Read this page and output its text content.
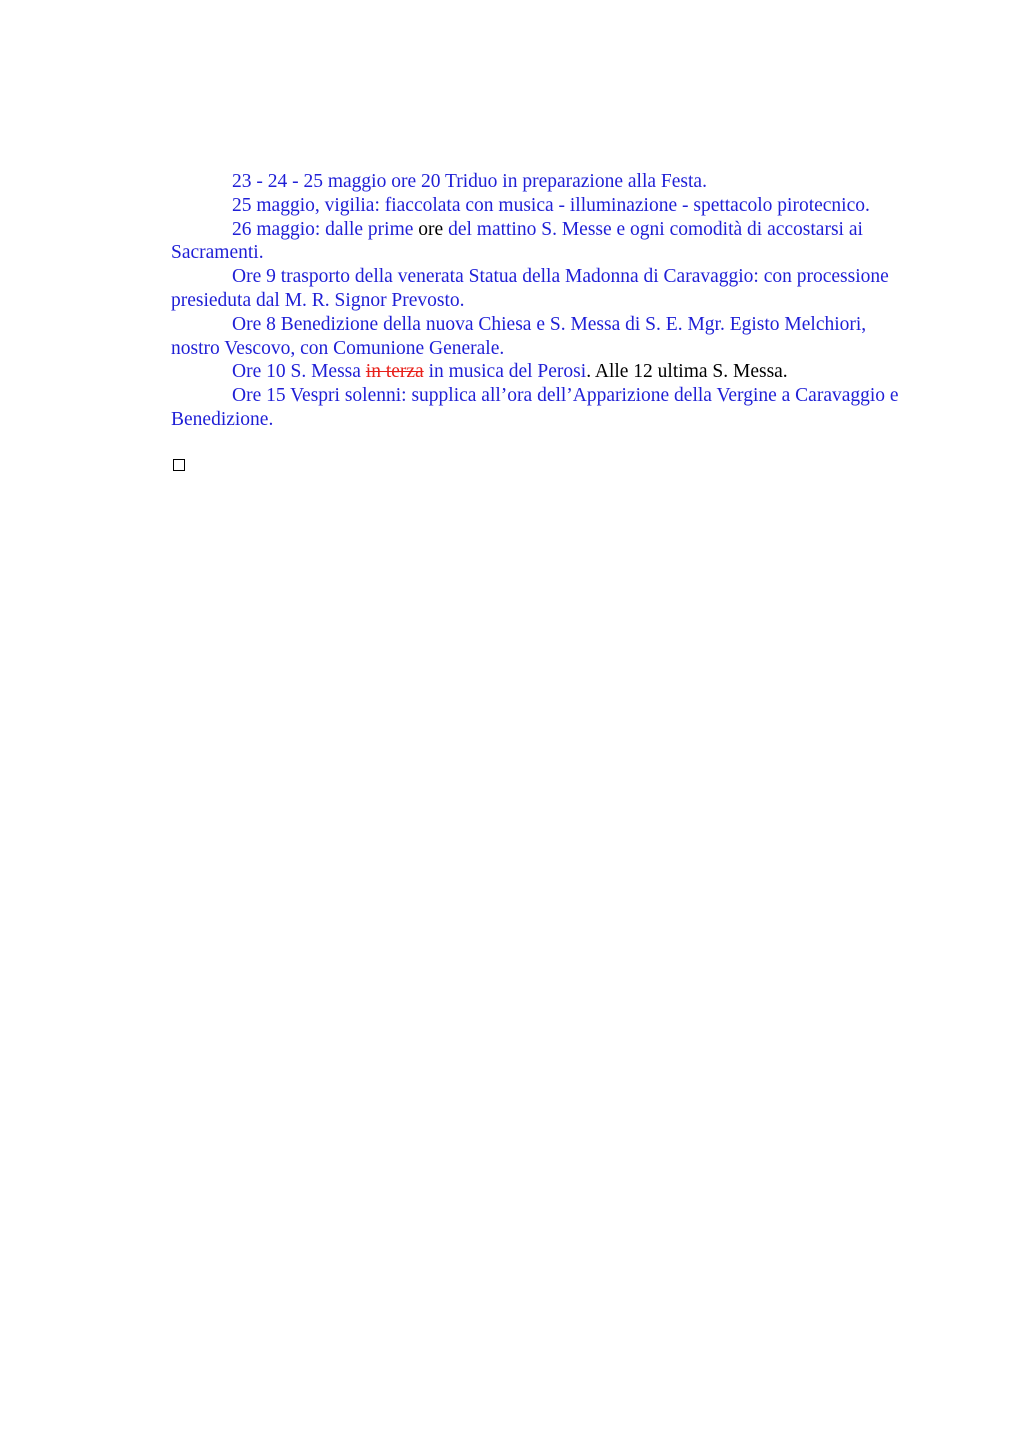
23 - 24 - 25 maggio ore 20 Triduo in preparazione alla Festa.

25 maggio, vigilia: fiaccolata con musica - illuminazione - spettacolo pirotecnico.

26 maggio: dalle prime ore del mattino S. Messe e ogni comodità di accostarsi ai Sacramenti.

Ore 9 trasporto della venerata Statua della Madonna di Caravaggio: con processione presieduta dal M. R. Signor Prevosto.

Ore 8 Benedizione della nuova Chiesa e S. Messa di S. E. Mgr. Egisto Melchiori, nostro Vescovo, con Comunione Generale.

Ore 10 S. Messa in terza in musica del Perosi. Alle 12 ultima S. Messa.

Ore 15 Vespri solenni: supplica all’ora dell’Apparizione della Vergine a Caravaggio e Benedizione.
